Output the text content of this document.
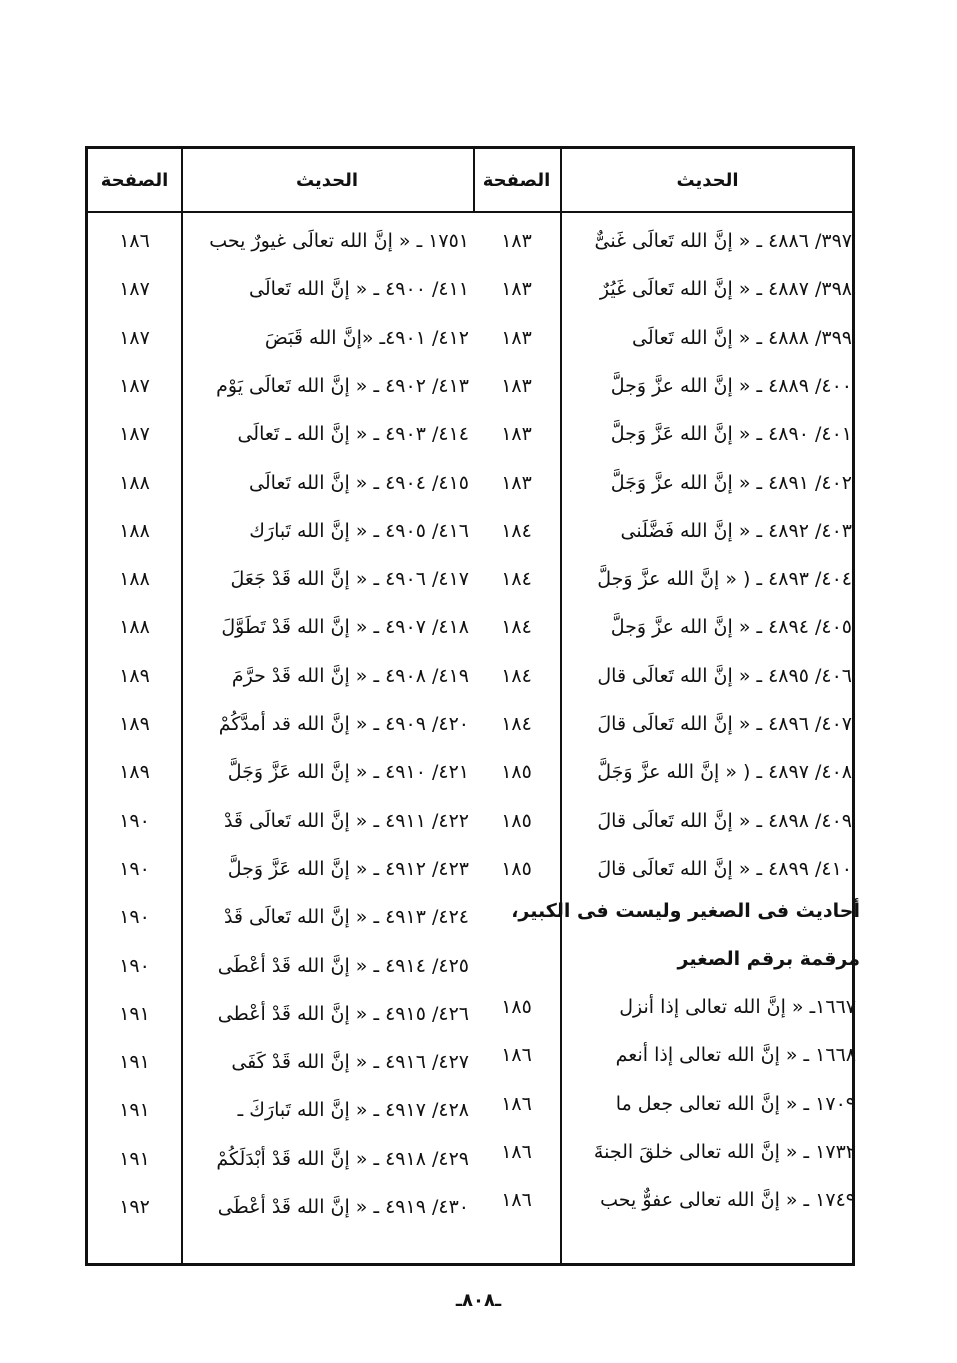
الحديث
الصفحة
الحديث
الصفحة
٣٩٧/ ٤٨٨٦ ـ « إنَّ الله تَعالَى غَنىٌّ
١٨٣
٣٩٨/ ٤٨٨٧ ـ « إنَّ الله تَعالَى غَيُرٌ
١٨٣
٣٩٩/ ٤٨٨٨ ـ « إنَّ الله تَعالَى
١٨٣
٤٠٠/ ٤٨٨٩ ـ « إنَّ الله عزَّ وَجلَّ
١٨٣
٤٠١/ ٤٨٩٠ ـ « إنَّ الله عَزَّ وَجلَّ
١٨٣
٤٠٢/ ٤٨٩١ ـ « إنَّ الله عزَّ وَجَلَّ
١٨٣
٤٠٣/ ٤٨٩٢ ـ « إنَّ الله فَضَّلَنى
١٨٤
٤٠٤/ ٤٨٩٣ ـ ( « إنَّ الله عزَّ وَجلَّ
١٨٤
٤٠٥/ ٤٨٩٤ ـ « إنَّ الله عزَّ وَجلَّ
١٨٤
٤٠٦/ ٤٨٩٥ ـ « إنَّ الله تَعالَى قال
١٨٤
٤٠٧/ ٤٨٩٦ ـ « إنَّ الله تَعالَى قالَ
١٨٤
٤٠٨/ ٤٨٩٧ ـ ( « إنَّ الله عزَّ وَجَلَّ
١٨٥
٤٠٩/ ٤٨٩٨ ـ « إنَّ الله تَعالَى قالَ
١٨٥
٤١٠/ ٤٨٩٩ ـ « إنَّ الله تَعالَى قالَ
١٨٥
١٦٦٧ـ « إنَّ الله تعالى إذا أنزل
١٨٥
١٦٦٨ ـ « إنَّ الله تعالى إذا أنعم
١٨٦
١٧٠٩ ـ « إنَّ الله تعالى جعل ما
١٨٦
١٧٣٢ ـ « إنَّ الله تعالى خلقَ الجنةَ
١٨٦
١٧٤٩ ـ « إنَّ الله تعالى عفوٌّ يحب
١٨٦
١٧٥١ ـ « إنَّ الله تعالَى غيورٌ يحب
١٨٦
٤١١/ ٤٩٠٠ ـ « إنَّ الله تَعالَى
١٨٧
٤١٢/ ٤٩٠١ـ «إنَّ الله قَبَضَ
١٨٧
٤١٣/ ٤٩٠٢ ـ « إنَّ الله تَعالَى يَوْم
١٨٧
٤١٤/ ٤٩٠٣ ـ « إنَّ الله ـ تَعالَى
١٨٧
٤١٥/ ٤٩٠٤ ـ « إنَّ الله تَعالَى
١٨٨
٤١٦/ ٤٩٠٥ ـ « إنَّ الله تَبارَك
١٨٨
٤١٧/ ٤٩٠٦ ـ « إنَّ الله قَدْ جَعَلَ
١٨٨
٤١٨/ ٤٩٠٧ ـ « إنَّ الله قَدْ تَطَوَّلَ
١٨٨
٤١٩/ ٤٩٠٨ ـ « إنَّ الله قَدْ حرَّمَ
١٨٩
٤٢٠/ ٤٩٠٩ ـ « إنَّ الله قد أمدَّكُمْ
١٨٩
٤٢١/ ٤٩١٠ ـ « إنَّ الله عَزَّ وَجَلَّ
١٨٩
٤٢٢/ ٤٩١١ ـ « إنَّ الله تَعالَى قَدْ
١٩٠
٤٢٣/ ٤٩١٢ ـ « إنَّ الله عَزَّ وَجلَّ
١٩٠
٤٢٤/ ٤٩١٣ ـ « إنَّ الله تَعالَى قَدْ
١٩٠
٤٢٥/ ٤٩١٤ ـ « إنَّ الله قَدْ أعْطَى
١٩٠
٤٢٦/ ٤٩١٥ ـ « إنَّ الله قَدْ أعْطى
١٩١
٤٢٧/ ٤٩١٦ ـ « إنَّ الله قَدْ كَفَى
١٩١
٤٢٨/ ٤٩١٧ ـ « إنَّ الله تَبارَكَ ـ
١٩١
٤٢٩/ ٤٩١٨ ـ « إنَّ الله قَدْ أبْدَلَكُمْ
١٩١
٤٣٠/ ٤٩١٩ ـ « إنَّ الله قَدْ أعْطَى
١٩٢
أحاديث فى الصغير وليست فى الكبير،
مرقمة برقم الصغير
ـ٨٠٨ـ
